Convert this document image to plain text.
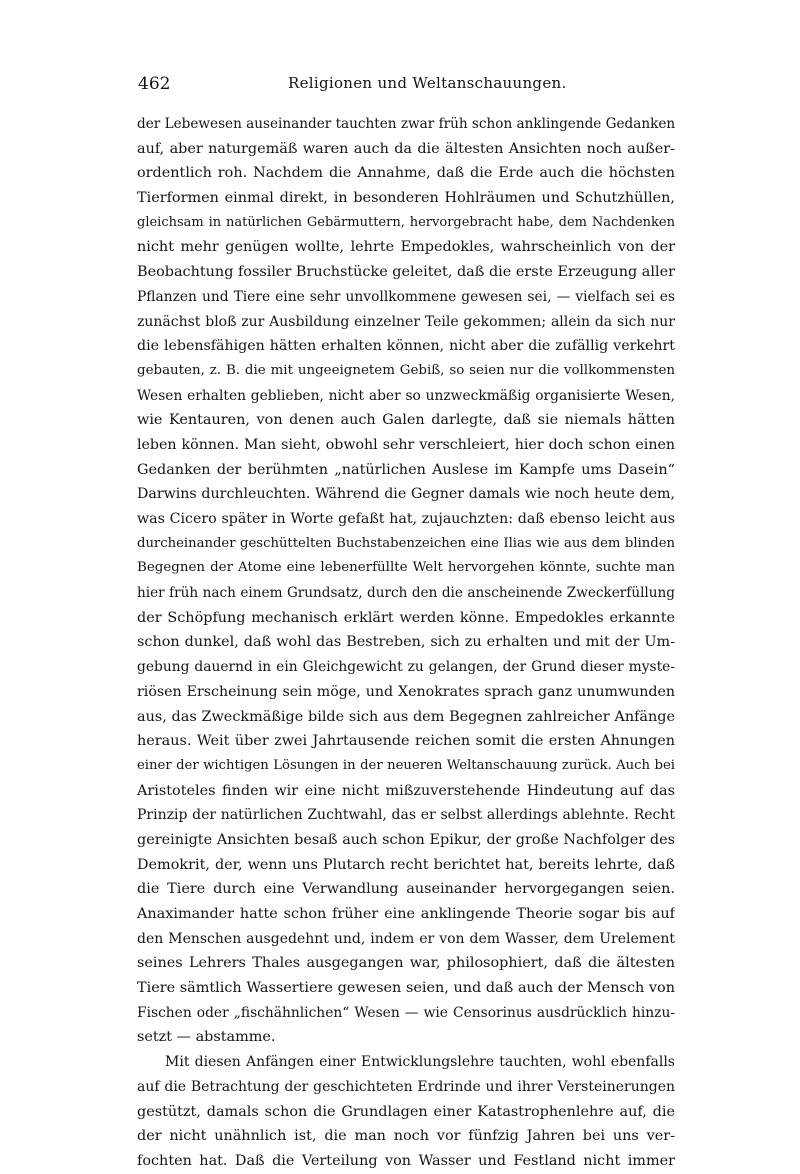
462	Religionen und Weltanschauungen.
der Lebewesen auseinander tauchten zwar früh schon anklingende Gedanken
auf, aber naturgemäß waren auch da die ältesten Ansichten noch außer-
ordentlich roh. Nachdem die Annahme, daß die Erde auch die höchsten
Tierformen einmal direkt, in besonderen Hohlräumen und Schutzhüllen,
gleichsam in natürlichen Gebärmuttern, hervorgebracht habe, dem Nachdenken
nicht mehr genügen wollte, lehrte Empedokles, wahrscheinlich von der
Beobachtung fossiler Bruchstücke geleitet, daß die erste Erzeugung aller
Pflanzen und Tiere eine sehr unvollkommene gewesen sei, — vielfach sei es
zunächst bloß zur Ausbildung einzelner Teile gekommen; allein da sich nur
die lebensfähigen hätten erhalten können, nicht aber die zufällig verkehrt
gebauten, z. B. die mit ungeeignetem Gebiß, so seien nur die vollkommensten
Wesen erhalten geblieben, nicht aber so unzweckmäßig organisierte Wesen,
wie Kentauren, von denen auch Galen darlegte, daß sie niemals hätten
leben können. Man sieht, obwohl sehr verschleiert, hier doch schon einen
Gedanken der berühmten „natürlichen Auslese im Kampfe ums Dasein“
Darwins durchleuchten. Während die Gegner damals wie noch heute dem,
was Cicero später in Worte gefaßt hat, zujauchzten: daß ebenso leicht aus
durcheinander geschüttelten Buchstabenzeichen eine Ilias wie aus dem blinden
Begegnen der Atome eine lebenerfüllte Welt hervorgehen könnte, suchte man
hier früh nach einem Grundsatz, durch den die anscheinende Zweckerfüllung
der Schöpfung mechanisch erklärt werden könne. Empedokles erkannte
schon dunkel, daß wohl das Bestreben, sich zu erhalten und mit der Um-
gebung dauernd in ein Gleichgewicht zu gelangen, der Grund dieser myste-
riösen Erscheinung sein möge, und Xenokrates sprach ganz unumwunden
aus, das Zweckmäßige bilde sich aus dem Begegnen zahlreicher Anfänge
heraus. Weit über zwei Jahrtausende reichen somit die ersten Ahnungen
einer der wichtigen Lösungen in der neueren Weltanschauung zurück. Auch bei
Aristoteles finden wir eine nicht mißzuverstehende Hindeutung auf das
Prinzip der natürlichen Zuchtwahl, das er selbst allerdings ablehnte. Recht
gereinigte Ansichten besaß auch schon Epikur, der große Nachfolger des
Demokrit, der, wenn uns Plutarch recht berichtet hat, bereits lehrte, daß
die Tiere durch eine Verwandlung auseinander hervorgegangen seien.
Anaximander hatte schon früher eine anklingende Theorie sogar bis auf
den Menschen ausgedehnt und, indem er von dem Wasser, dem Urelement
seines Lehrers Thales ausgegangen war, philosophiert, daß die ältesten
Tiere sämtlich Wassertiere gewesen seien, und daß auch der Mensch von
Fischen oder „fischähnlichen“ Wesen — wie Censorinus ausdrücklich hinzu-
setzt — abstamme.
Mit diesen Anfängen einer Entwicklungslehre tauchten, wohl ebenfalls
auf die Betrachtung der geschichteten Erdrinde und ihrer Versteinerungen
gestützt, damals schon die Grundlagen einer Katastrophenlehre auf, die
der nicht unähnlich ist, die man noch vor fünfzig Jahren bei uns ver-
fochten hat. Daß die Verteilung von Wasser und Festland nicht immer
